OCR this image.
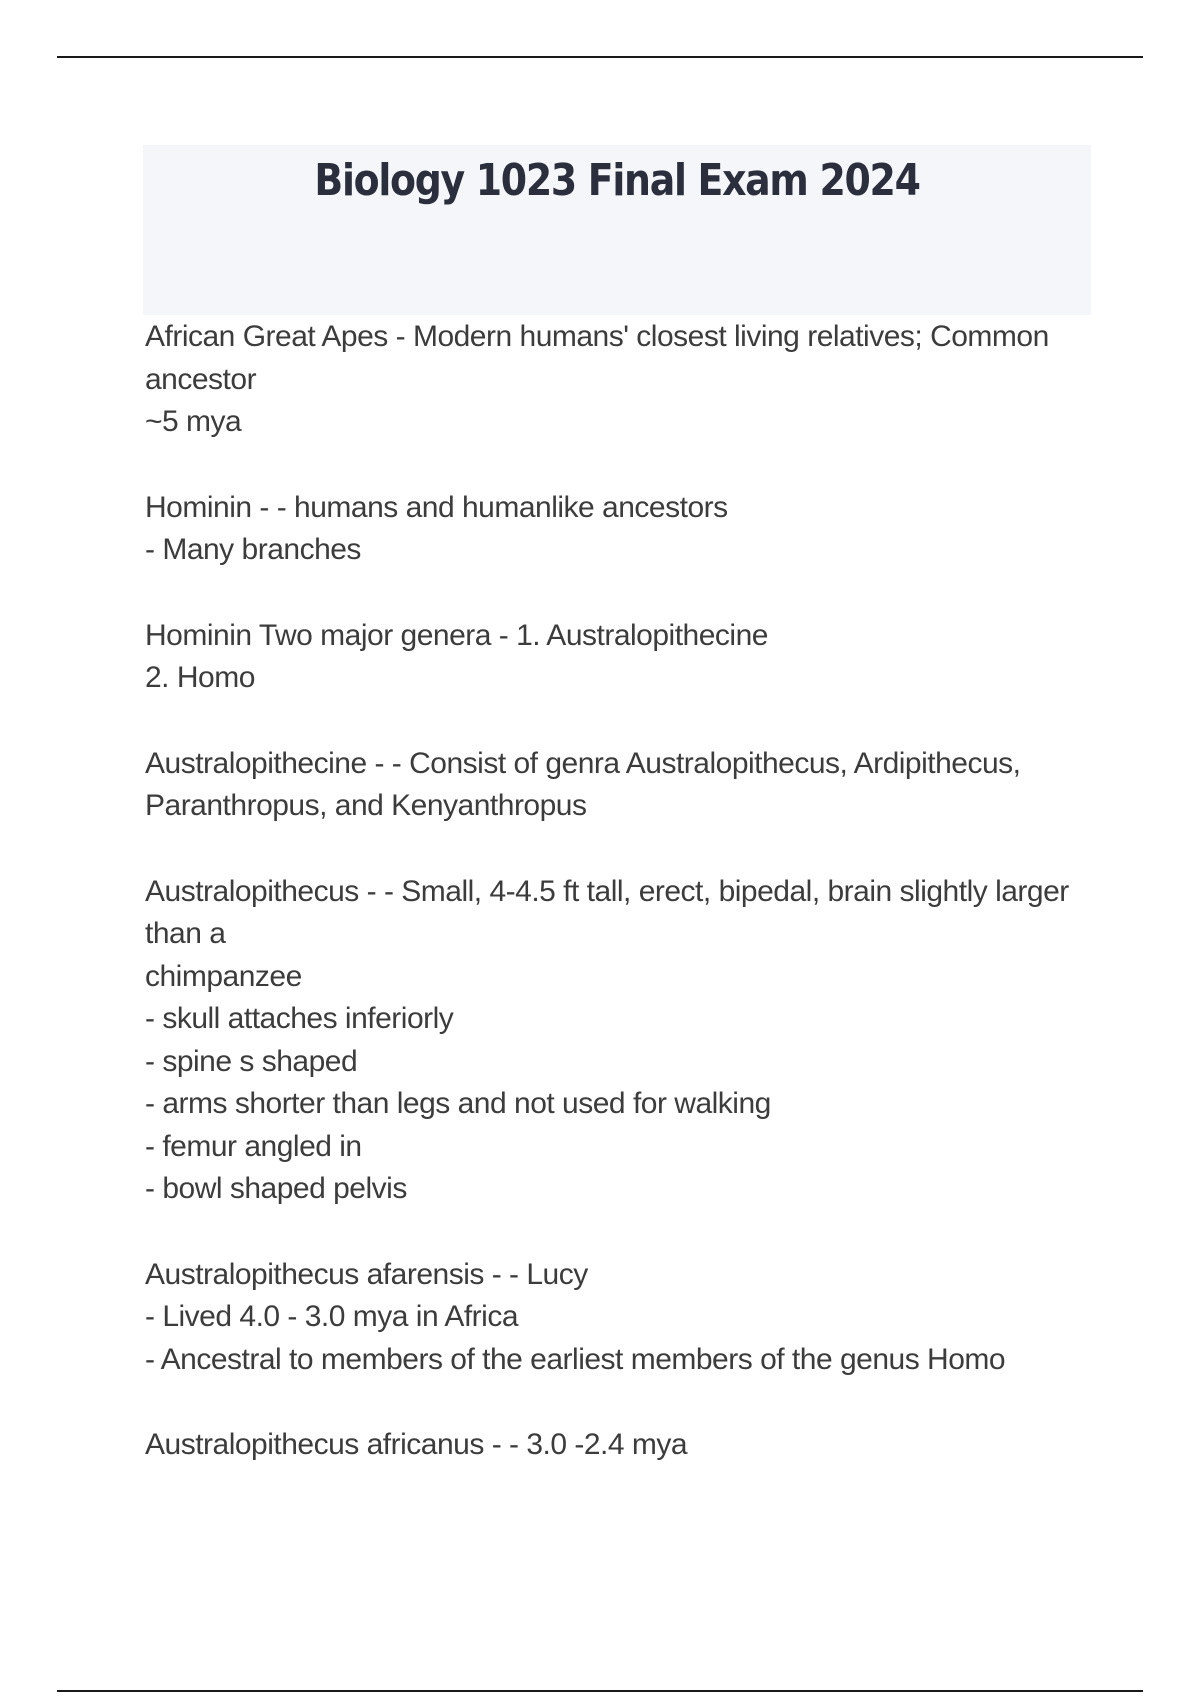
Biology 1023 Final Exam 2024
African Great Apes - Modern humans' closest living relatives; Common ancestor
~5 mya
Hominin - - humans and humanlike ancestors
- Many branches
Hominin Two major genera - 1. Australopithecine
2. Homo
Australopithecine - - Consist of genra Australopithecus, Ardipithecus,
Paranthropus, and Kenyanthropus
Australopithecus - - Small, 4-4.5 ft tall, erect, bipedal, brain slightly larger than a
chimpanzee
- skull attaches inferiorly
- spine s shaped
- arms shorter than legs and not used for walking
- femur angled in
- bowl shaped pelvis
Australopithecus afarensis - - Lucy
- Lived 4.0 - 3.0 mya in Africa
- Ancestral to members of the earliest members of the genus Homo
Australopithecus africanus - - 3.0 -2.4 mya
